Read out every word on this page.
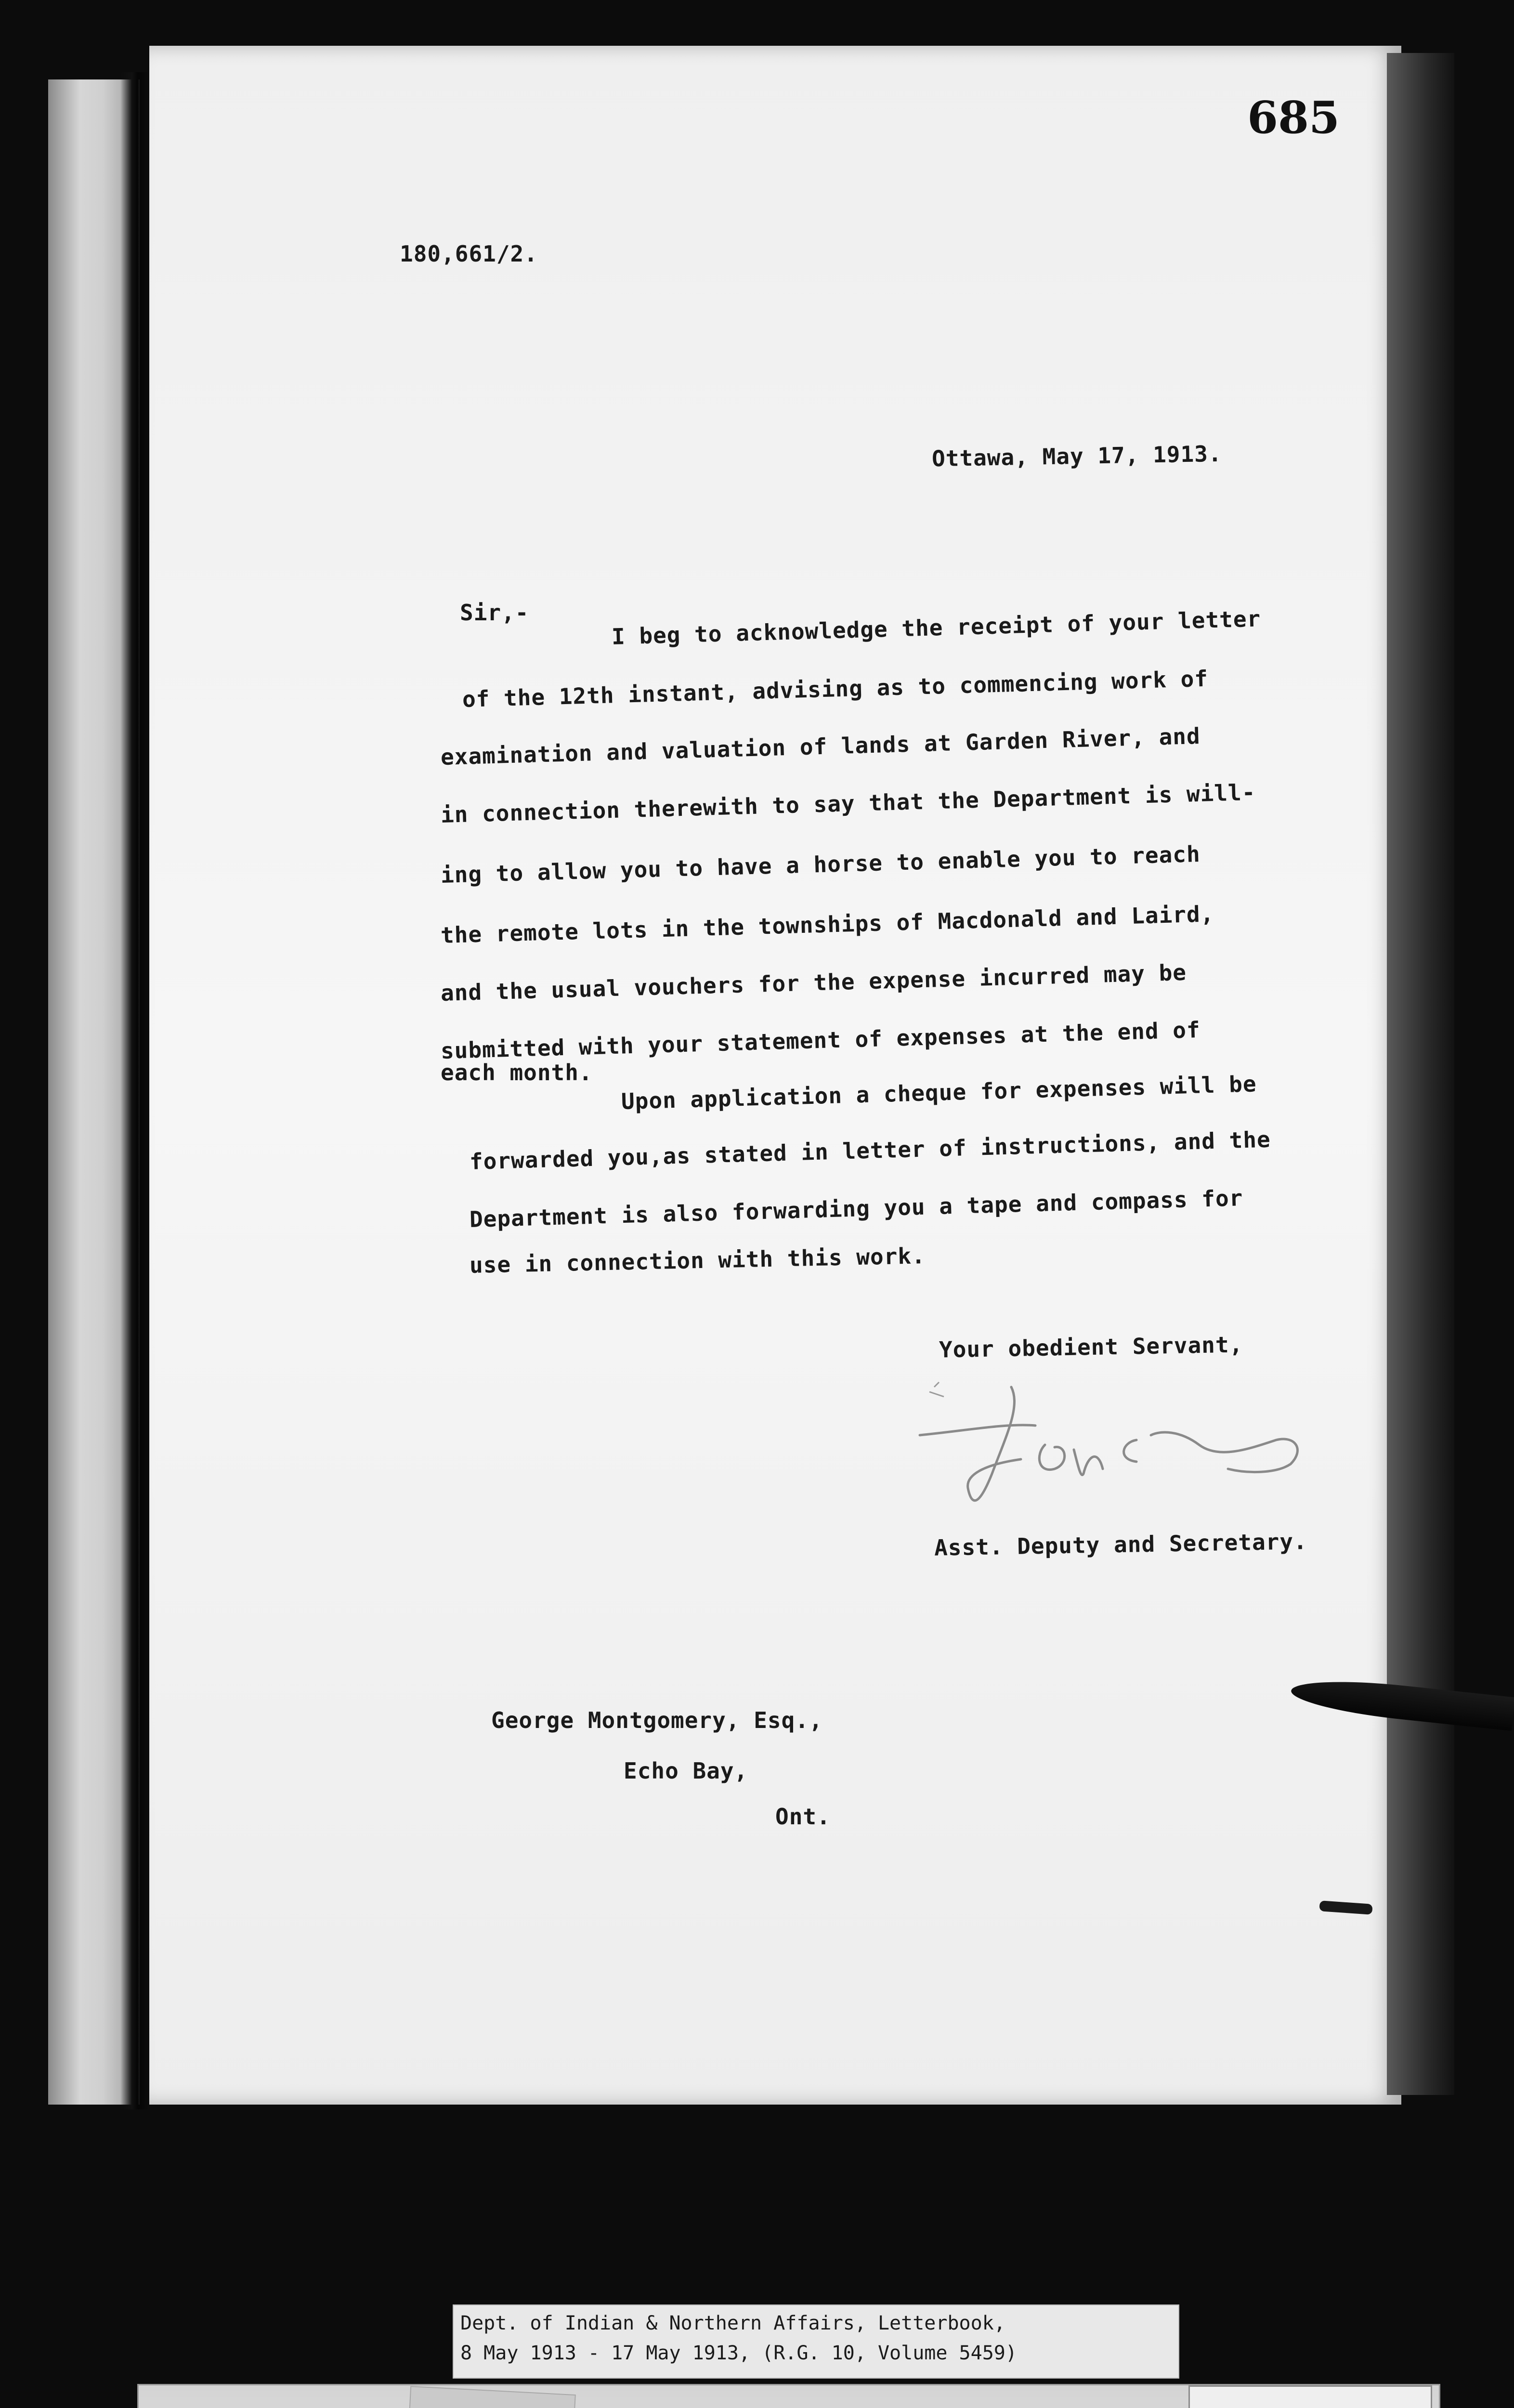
685
180,661/2.
Ottawa, May 17, 1913.
Sir,-	I beg to acknowledge the receipt of your letter
of the 12th instant, advising as to commencing work of
examination and valuation of lands at Garden River, and
in connection therewith to say that the Department is will-
ing to allow you to have a horse to enable you to reach
the remote lots in the townships of Macdonald and Laird,
and the usual vouchers for the expense incurred may be
submitted with your statement of expenses at the end of
each month. Upon application a cheque for expenses will be
forwarded you,as stated in letter of instructions, and the
Department is also forwarding you a tape and compass for
use in connection with this work.
Your obedient Servant,
Asst. Deputy and Secretary.
George Montgomery, Esq.,
Echo Bay,
Ont.
Dept. of Indian & Northern Affairs, Letterbook,
8 May 1913 - 17 May 1913, (R.G. 10, Volume 5459)
